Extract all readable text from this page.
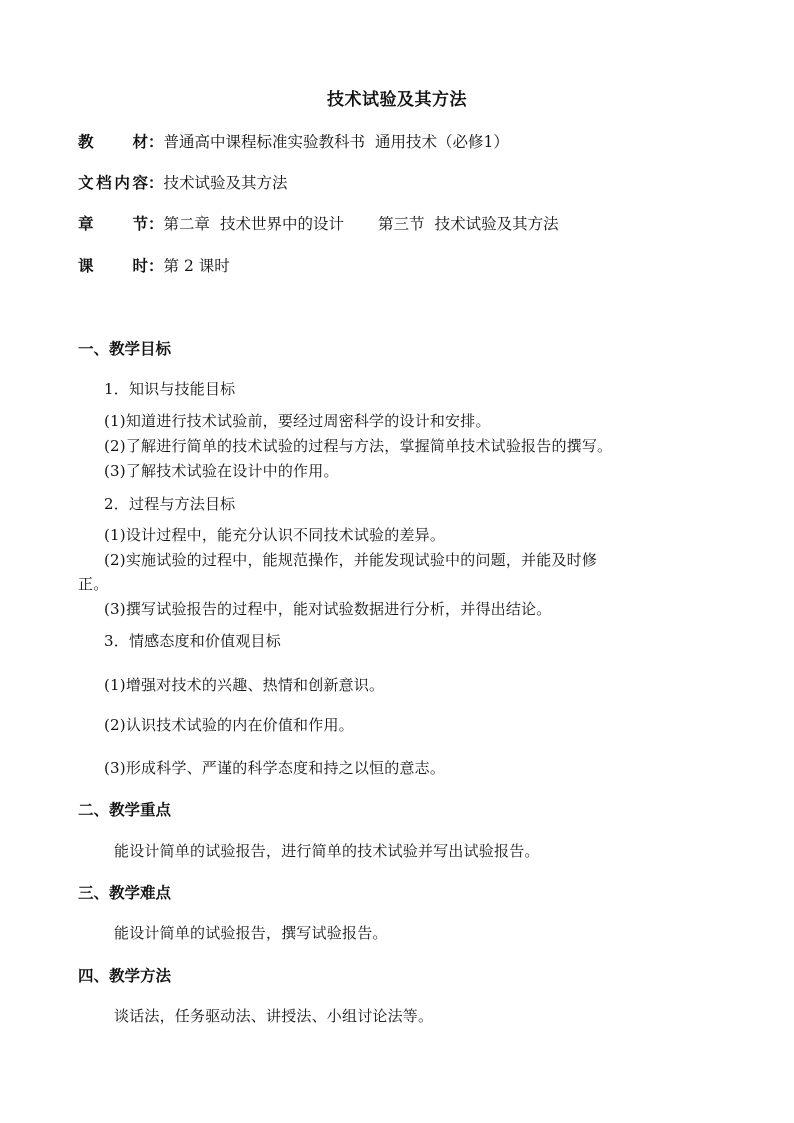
技术试验及其方法
教　　材：普通高中课程标准实验教科书 通用技术（必修1）
文档内容：技术试验及其方法
章　　节：第二章 技术世界中的设计 第三节 技术试验及其方法
课　　时：第 2 课时
一、教学目标
1．知识与技能目标
(1)知道进行技术试验前，要经过周密科学的设计和安排。
(2)了解进行简单的技术试验的过程与方法，掌握简单技术试验报告的撰写。
(3)了解技术试验在设计中的作用。
2．过程与方法目标
(1)设计过程中，能充分认识不同技术试验的差异。
(2)实施试验的过程中，能规范操作，并能发现试验中的问题，并能及时修
正。
(3)撰写试验报告的过程中，能对试验数据进行分析，并得出结论。
3．情感态度和价值观目标
(1)增强对技术的兴趣、热情和创新意识。
(2)认识技术试验的内在价值和作用。
(3)形成科学、严谨的科学态度和持之以恒的意志。
二、教学重点
能设计简单的试验报告，进行简单的技术试验并写出试验报告。
三、教学难点
能设计简单的试验报告，撰写试验报告。
四、教学方法
谈话法，任务驱动法、讲授法、小组讨论法等。
